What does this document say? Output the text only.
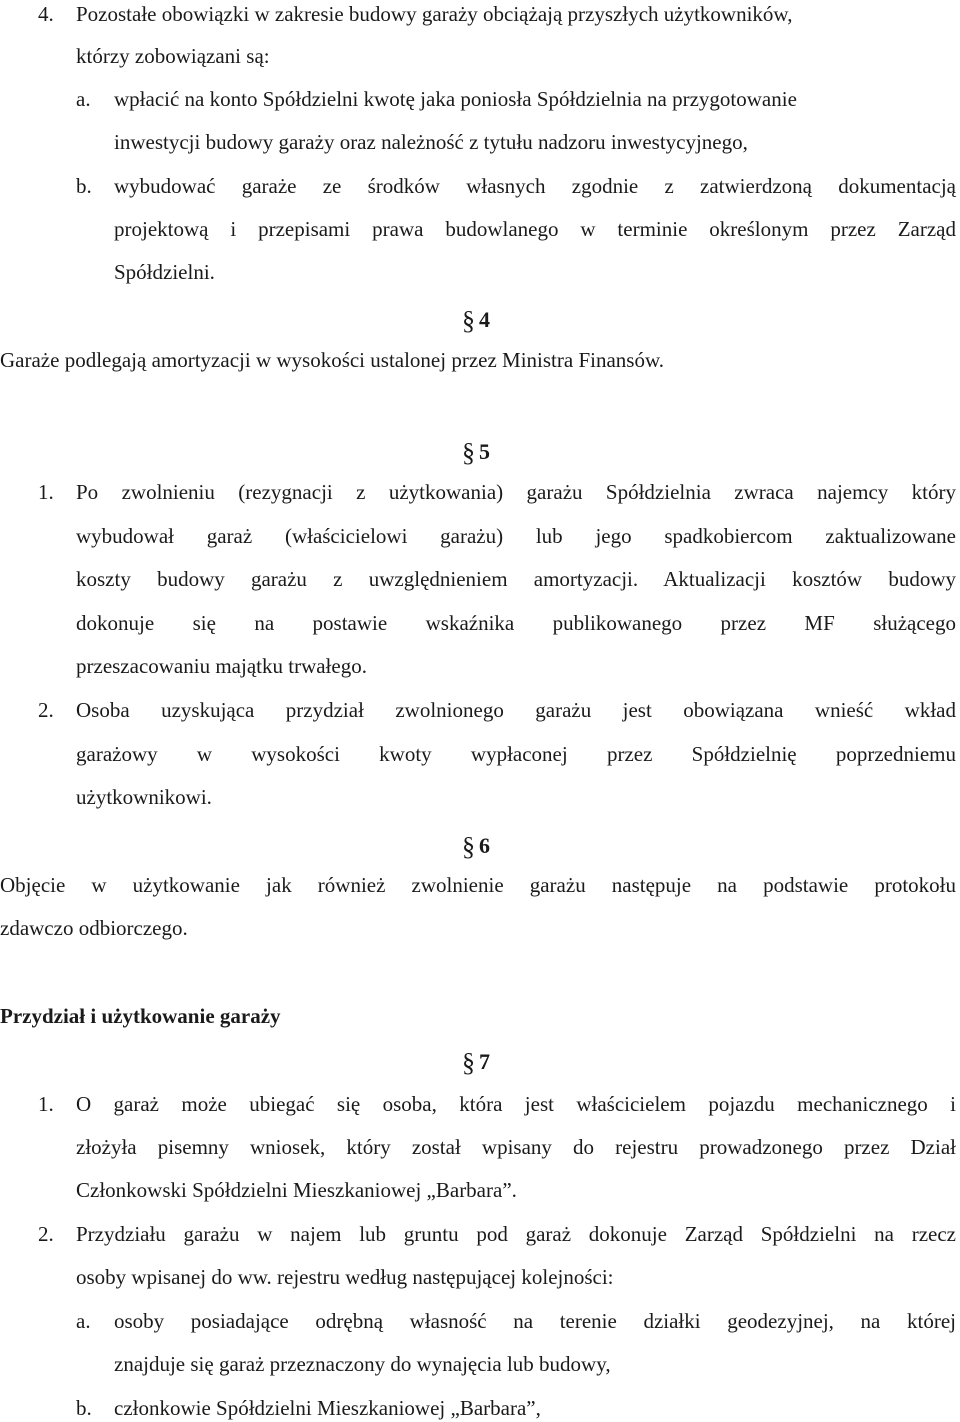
4. Pozostałe obowiązki w zakresie budowy garaży obciążają przyszłych użytkowników,
którzy zobowiązani są:
a. wpłacić na konto Spółdzielni kwotę jaka poniosła Spółdzielnia na przygotowanie
inwestycji budowy garaży oraz należność z tytułu nadzoru inwestycyjnego,
b. wybudować garaże ze środków własnych zgodnie z zatwierdzoną dokumentacją
projektową i przepisami prawa budowlanego w terminie określonym przez Zarząd
Spółdzielni.
§ 4
Garaże podlegają amortyzacji w wysokości ustalonej przez Ministra Finansów.
§ 5
1. Po zwolnieniu (rezygnacji z użytkowania) garażu Spółdzielnia zwraca najemcy który
wybudował garaż (właścicielowi garażu) lub jego spadkobiercom zaktualizowane
koszty budowy garażu z uwzględnieniem amortyzacji. Aktualizacji kosztów budowy
dokonuje się na postawie wskaźnika publikowanego przez MF służącego
przeszacowaniu majątku trwałego.
2. Osoba uzyskująca przydział zwolnionego garażu jest obowiązana wnieść wkład
garażowy w wysokości kwoty wypłaconej przez Spółdzielnię poprzedniemu
użytkownikowi.
§ 6
Objęcie w użytkowanie jak również zwolnienie garażu następuje na podstawie protokołu
zdawczo odbiorczego.
Przydział i użytkowanie garaży
§ 7
1. O garaż może ubiegać się osoba, która jest właścicielem pojazdu mechanicznego i
złożyła pisemny wniosek, który został wpisany do rejestru prowadzonego przez Dział
Członkowski Spółdzielni Mieszkaniowej „Barbara”.
2. Przydziału garażu w najem lub gruntu pod garaż dokonuje Zarząd Spółdzielni na rzecz
osoby wpisanej do ww. rejestru według następującej kolejności:
a. osoby posiadające odrębną własność na terenie działki geodezyjnej, na której
znajduje się garaż przeznaczony do wynajęcia lub budowy,
b. członkowie Spółdzielni Mieszkaniowej „Barbara”,
